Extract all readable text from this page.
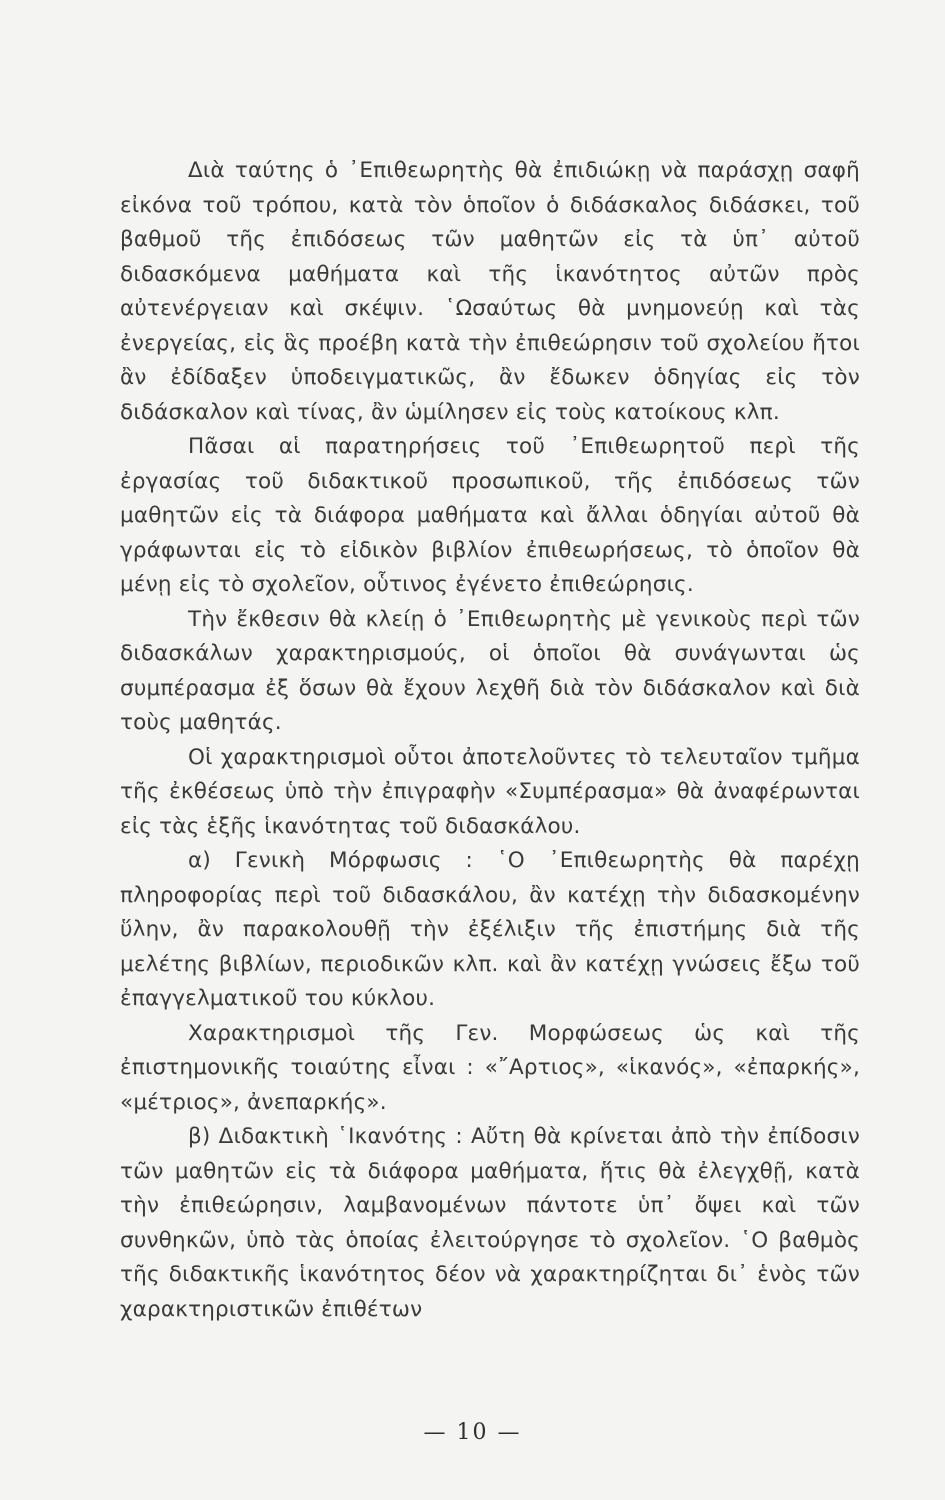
Διὰ ταύτης ὁ ᾿Επιθεωρητὴς θὰ ἐπιδιώκῃ νὰ παράσχῃ σαφῆ εἰκόνα τοῦ τρόπου, κατὰ τὸν ὁποῖον ὁ διδάσκαλος διδάσκει, τοῦ βαθμοῦ τῆς ἐπιδόσεως τῶν μαθητῶν εἰς τὰ ὑπ᾽ αὐτοῦ διδασκόμενα μαθήματα καὶ τῆς ἱκανότητος αὐτῶν πρὸς αὐτενέργειαν καὶ σκέψιν. ῾Ωσαύτως θὰ μνημονεύῃ καὶ τὰς ἐνεργείας, εἰς ἃς προέβη κατὰ τὴν ἐπιθεώρησιν τοῦ σχολείου ἤτοι ἂν ἐδίδαξεν ὑποδειγματικῶς, ἂν ἔδωκεν ὁδηγίας εἰς τὸν διδάσκαλον καὶ τίνας, ἂν ὡμίλησεν εἰς τοὺς κατοίκους κλπ.

Πᾶσαι αἱ παρατηρήσεις τοῦ ᾿Επιθεωρητοῦ περὶ τῆς ἐργασίας τοῦ διδακτικοῦ προσωπικοῦ, τῆς ἐπιδόσεως τῶν μαθητῶν εἰς τὰ διάφορα μαθήματα καὶ ἄλλαι ὁδηγίαι αὐτοῦ θὰ γράφωνται εἰς τὸ εἰδικὸν βιβλίον ἐπιθεωρήσεως, τὸ ὁποῖον θὰ μένῃ εἰς τὸ σχολεῖον, οὗτινος ἐγένετο ἐπιθεώρησις.

Τὴν ἔκθεσιν θὰ κλείῃ ὁ ᾿Επιθεωρητὴς μὲ γενικοὺς περὶ τῶν διδασκάλων χαρακτηρισμούς, οἱ ὁποῖοι θὰ συνάγωνται ὡς συμπέρασμα ἐξ ὅσων θὰ ἔχουν λεχθῆ διὰ τὸν διδάσκαλον καὶ διὰ τοὺς μαθητάς.

Οἱ χαρακτηρισμοὶ οὗτοι ἀποτελοῦντες τὸ τελευταῖον τμῆμα τῆς ἐκθέσεως ὑπὸ τὴν ἐπιγραφὴν «Συμπέρασμα» θὰ ἀναφέρωνται εἰς τὰς ἑξῆς ἱκανότητας τοῦ διδασκάλου.

α) Γενικὴ Μόρφωσις : ῾Ο ᾿Επιθεωρητὴς θὰ παρέχῃ πληροφορίας περὶ τοῦ διδασκάλου, ἂν κατέχῃ τὴν διδασκομένην ὕλην, ἂν παρακολουθῇ τὴν ἐξέλιξιν τῆς ἐπιστήμης διὰ τῆς μελέτης βιβλίων, περιοδικῶν κλπ. καὶ ἂν κατέχῃ γνώσεις ἔξω τοῦ ἐπαγγελματικοῦ του κύκλου.

Χαρακτηρισμοὶ τῆς Γεν. Μορφώσεως ὡς καὶ τῆς ἐπιστημονικῆς τοιαύτης εἶναι : «῎Αρτιος», «ἱκανός», «ἐπαρκής», «μέτριος», ἀνεπαρκής».

β) Διδακτικὴ ῾Ικανότης : Αὔτη θὰ κρίνεται ἀπὸ τὴν ἐπίδοσιν τῶν μαθητῶν εἰς τὰ διάφορα μαθήματα, ἥτις θὰ ἐλεγχθῇ, κατὰ τὴν ἐπιθεώρησιν, λαμβανομένων πάντοτε ὑπ᾽ ὄψει καὶ τῶν συνθηκῶν, ὑπὸ τὰς ὁποίας ἐλειτούργησε τὸ σχολεῖον. ῾Ο βαθμὸς τῆς διδακτικῆς ἱκανότητος δέον νὰ χαρακτηρίζηται δι᾽ ἑνὸς τῶν χαρακτηριστικῶν ἐπιθέτων

— 10 —
